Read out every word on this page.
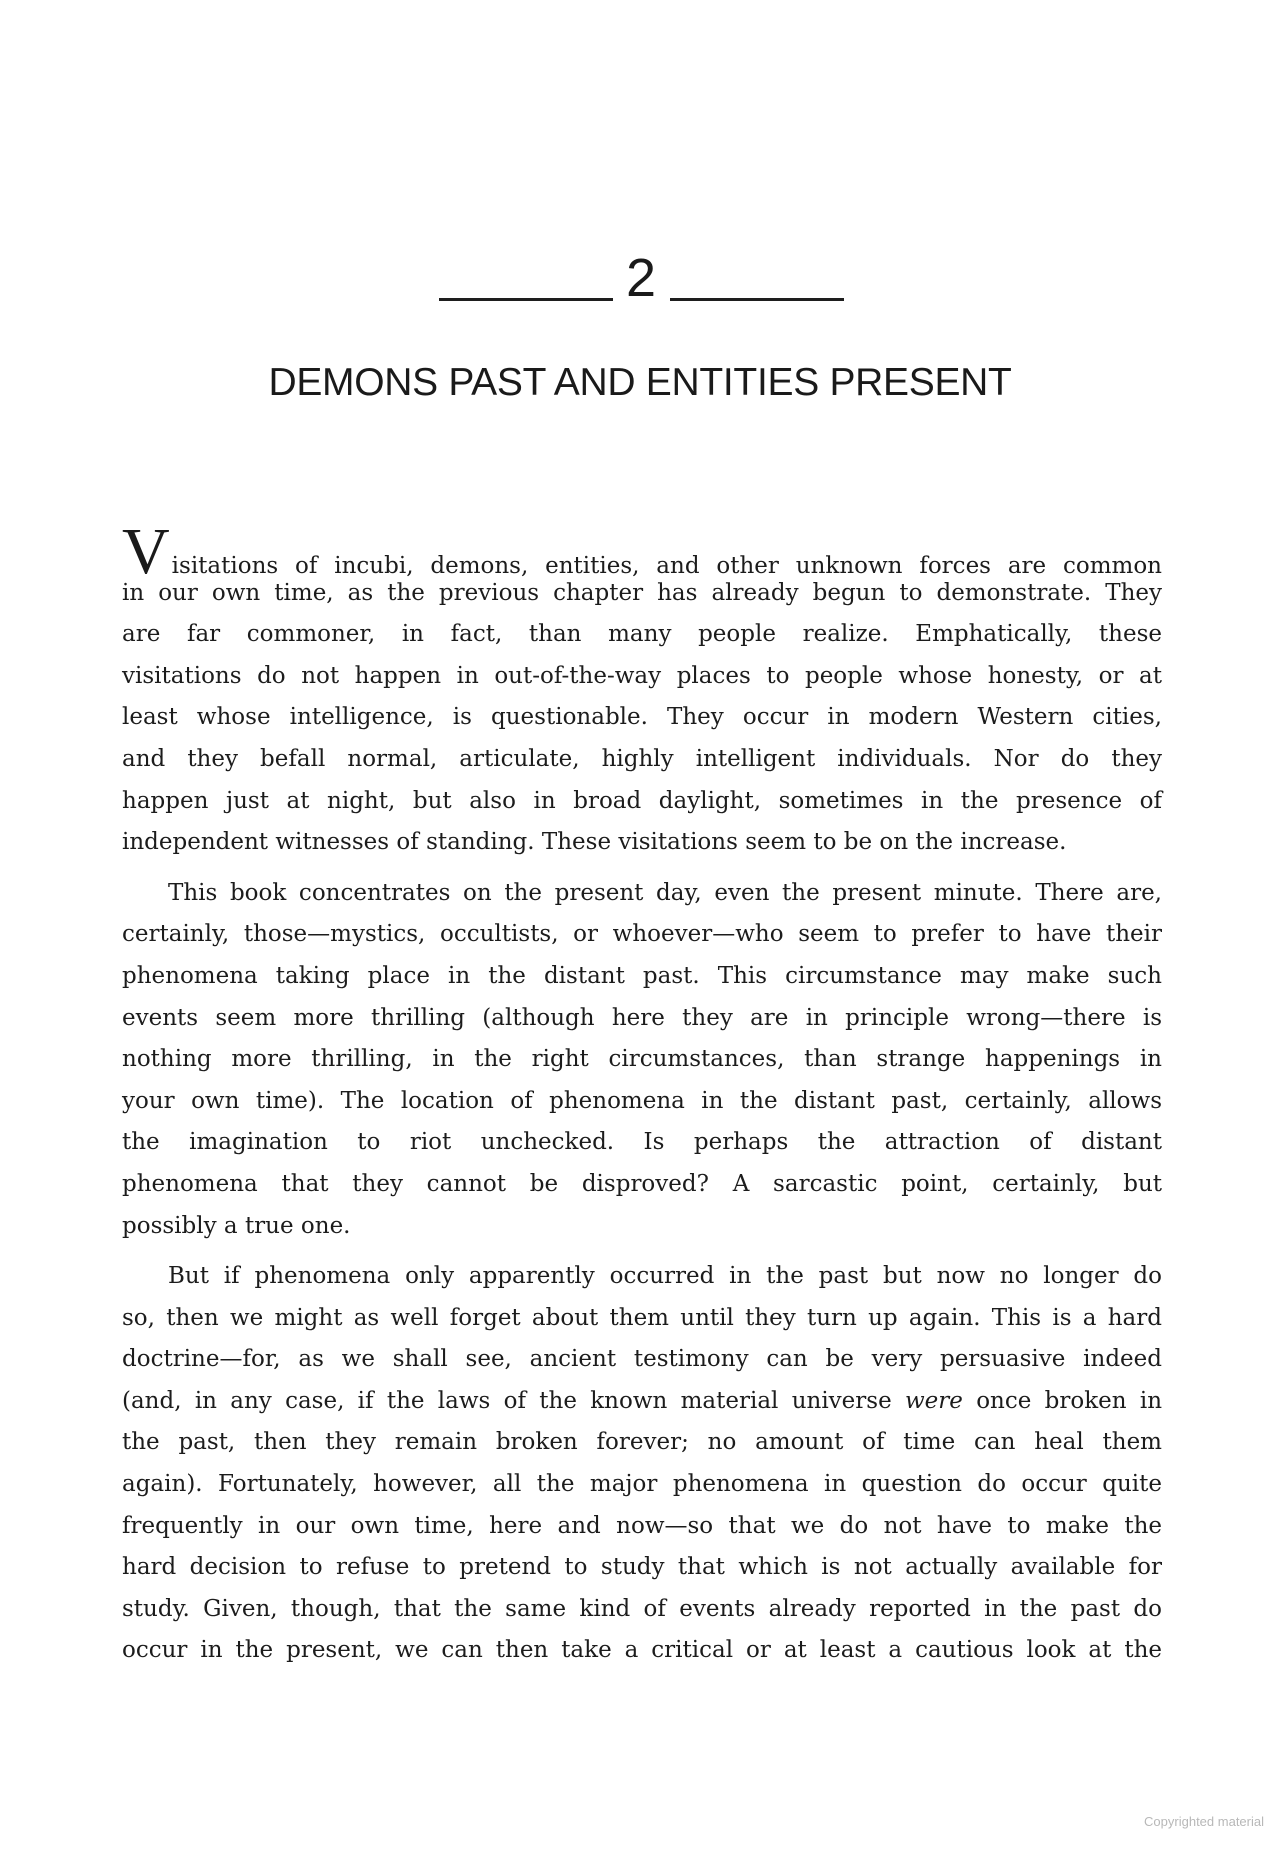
2
DEMONS PAST AND ENTITIES PRESENT
Visitations of incubi, demons, entities, and other unknown forces are common
in our own time, as the previous chapter has already begun to demonstrate. They
are far commoner, in fact, than many people realize. Emphatically, these
visitations do not happen in out-of-the-way places to people whose honesty, or at
least whose intelligence, is questionable. They occur in modern Western cities,
and they befall normal, articulate, highly intelligent individuals. Nor do they
happen just at night, but also in broad daylight, sometimes in the presence of
independent witnesses of standing. These visitations seem to be on the increase.
This book concentrates on the present day, even the present minute. There are,
certainly, those—mystics, occultists, or whoever—who seem to prefer to have their
phenomena taking place in the distant past. This circumstance may make such
events seem more thrilling (although here they are in principle wrong—there is
nothing more thrilling, in the right circumstances, than strange happenings in
your own time). The location of phenomena in the distant past, certainly, allows
the imagination to riot unchecked. Is perhaps the attraction of distant
phenomena that they cannot be disproved? A sarcastic point, certainly, but
possibly a true one.
But if phenomena only apparently occurred in the past but now no longer do
so, then we might as well forget about them until they turn up again. This is a hard
doctrine—for, as we shall see, ancient testimony can be very persuasive indeed
(and, in any case, if the laws of the known material universe were once broken in
the past, then they remain broken forever; no amount of time can heal them
again). Fortunately, however, all the major phenomena in question do occur quite
frequently in our own time, here and now—so that we do not have to make the
hard decision to refuse to pretend to study that which is not actually available for
study. Given, though, that the same kind of events already reported in the past do
occur in the present, we can then take a critical or at least a cautious look at the
Copyrighted material
